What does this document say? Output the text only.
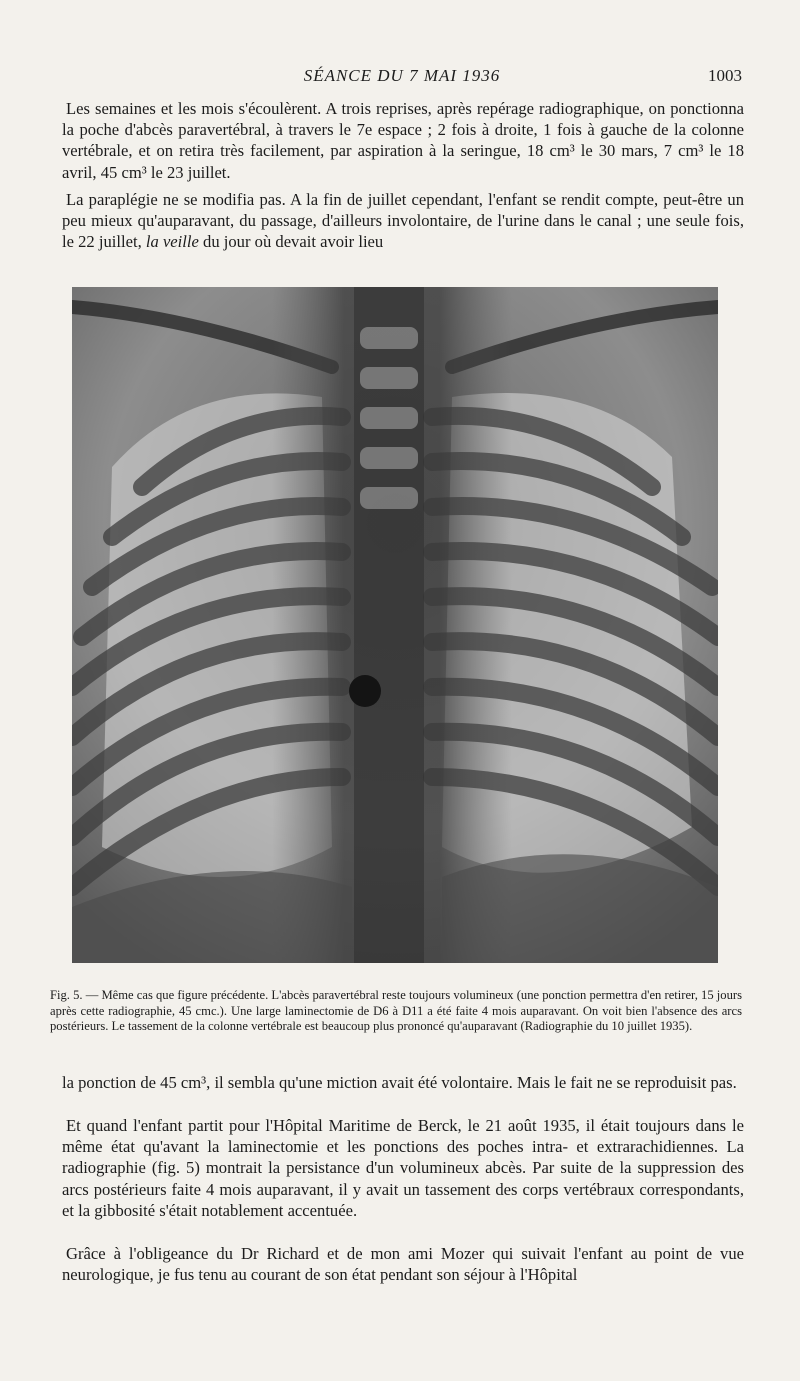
SÉANCE DU 7 MAI 1936	1003

Les semaines et les mois s'écoulèrent. A trois reprises, après repérage radiographique, on ponctionna la poche d'abcès paravertébral, à travers le 7e espace ; 2 fois à droite, 1 fois à gauche de la colonne vertébrale, et on retira très facilement, par aspiration à la seringue, 18 cm³ le 30 mars, 7 cm³ le 18 avril, 45 cm³ le 23 juillet.

La paraplégie ne se modifia pas. A la fin de juillet cependant, l'enfant se rendit compte, peut-être un peu mieux qu'auparavant, du passage, d'ailleurs involontaire, de l'urine dans le canal ; une seule fois, le 22 juillet, la veille du jour où devait avoir lieu

Fig. 5. — Même cas que figure précédente. L'abcès paravertébral reste toujours volumineux (une ponction permettra d'en retirer, 15 jours après cette radiographie, 45 cmc.). Une large laminectomie de D6 à D11 a été faite 4 mois auparavant. On voit bien l'absence des arcs postérieurs. Le tassement de la colonne vertébrale est beaucoup plus prononcé qu'auparavant (Radiographie du 10 juillet 1935).

la ponction de 45 cm³, il sembla qu'une miction avait été volontaire. Mais le fait ne se reproduisit pas.

Et quand l'enfant partit pour l'Hôpital Maritime de Berck, le 21 août 1935, il était toujours dans le même état qu'avant la laminectomie et les ponctions des poches intra- et extrarachidiennes. La radiographie (fig. 5) montrait la persistance d'un volumineux abcès. Par suite de la suppression des arcs postérieurs faite 4 mois auparavant, il y avait un tassement des corps vertébraux correspondants, et la gibbosité s'était notablement accentuée.

Grâce à l'obligeance du Dr Richard et de mon ami Mozer qui suivait l'enfant au point de vue neurologique, je fus tenu au courant de son état pendant son séjour à l'Hôpital
